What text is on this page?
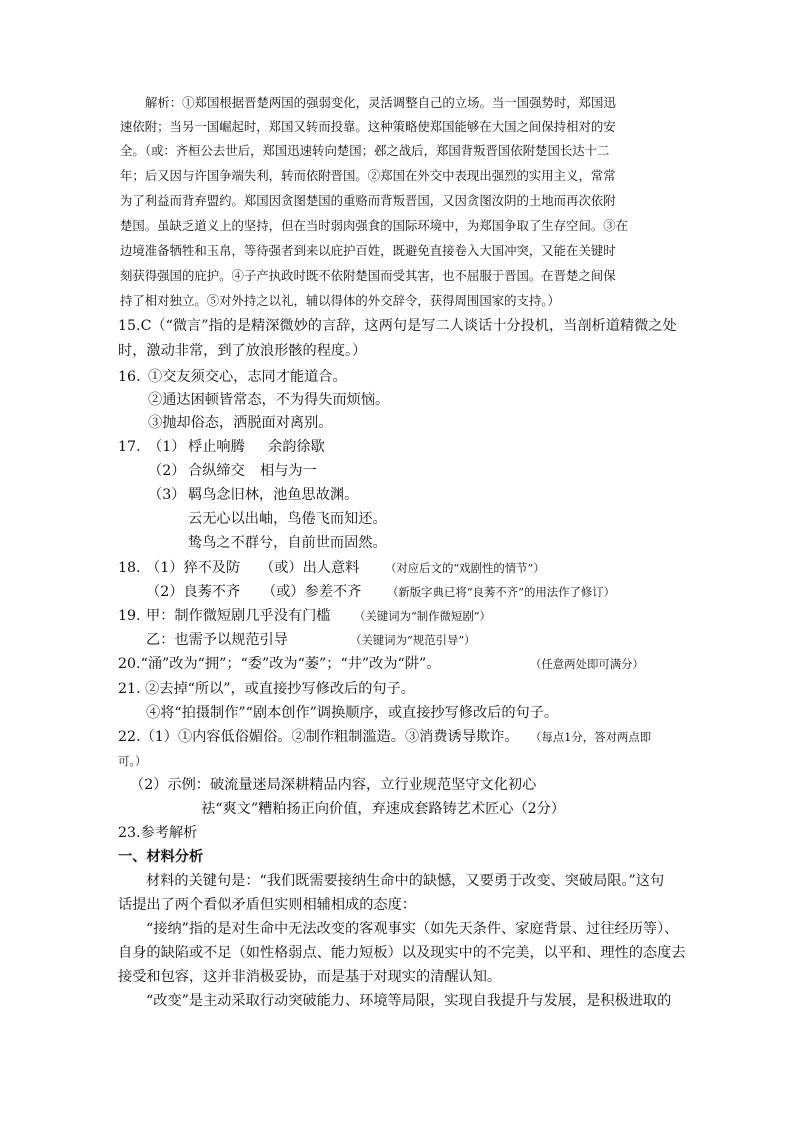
解析：①郑国根据晋楚两国的强弱变化，灵活调整自己的立场。当一国强势时，郑国迅
速依附；当另一国崛起时，郑国又转而投靠。这种策略使郑国能够在大国之间保持相对的安
全。（或：齐桓公去世后，郑国迅速转向楚国；邲之战后，郑国背叛晋国依附楚国长达十二
年；后又因与许国争端失利，转而依附晋国。②郑国在外交中表现出强烈的实用主义，常常
为了利益而背弃盟约。郑国因贪图楚国的重赂而背叛晋国，又因贪图汝阴的土地而再次依附
楚国。虽缺乏道义上的坚持，但在当时弱肉强食的国际环境中，为郑国争取了生存空间。③在
边境准备牺牲和玉帛，等待强者到来以庇护百姓，既避免直接卷入大国冲突，又能在关键时
刻获得强国的庇护。④子产执政时既不依附楚国而受其害，也不屈服于晋国。在晋楚之间保
持了相对独立。⑤对外持之以礼，辅以得体的外交辞令，获得周围国家的支持。）
15.C（“微言”指的是精深微妙的言辞，这两句是写二人谈话十分投机，当剖析道精微之处
时，激动非常，到了放浪形骸的程度。）
16. ①交友须交心，志同才能道合。
②通达困顿皆常态，不为得失而烦恼。
③抛却俗态，洒脱面对离别。
17. （1） 桴止响腾 余韵徐歇
（2） 合纵缔交 相与为一
（3） 羁鸟念旧林，池鱼思故渊。
云无心以出岫，鸟倦飞而知还。
鸷鸟之不群兮，自前世而固然。
18. （1）猝不及防 （或）出人意料 （对应后文的“戏剧性的情节”）
（2）良莠不齐 （或）参差不齐 （新版字典已将“良莠不齐”的用法作了修订）
19. 甲：制作微短剧几乎没有门槛 （关键词为“制作微短剧”）
乙：也需予以规范引导	（关键词为“规范引导”）
20.“涌”改为“拥”；“委”改为“萎”；“井”改为“阱”。	（任意两处即可满分）
21. ②去掉“所以”，或直接抄写修改后的句子。
④将“拍摄制作”“剧本创作”调换顺序，或直接抄写修改后的句子。
22.（1）①内容低俗媚俗。②制作粗制滥造。③消费诱导欺诈。 （每点1分，答对两点即
可。）
（2）示例：破流量迷局深耕精品内容，立行业规范坚守文化初心
祛“爽文”糟粕扬正向价值，弃速成套路铸艺术匠心（2分）
23.参考解析
一、材料分析
材料的关键句是：“我们既需要接纳生命中的缺憾，又要勇于改变、突破局限。”这句
话提出了两个看似矛盾但实则相辅相成的态度：
“接纳”指的是对生命中无法改变的客观事实（如先天条件、家庭背景、过往经历等）、
自身的缺陷或不足（如性格弱点、能力短板）以及现实中的不完美，以平和、理性的态度去
接受和包容，这并非消极妥协，而是基于对现实的清醒认知。
“改变”是主动采取行动突破能力、环境等局限，实现自我提升与发展，是积极进取的
